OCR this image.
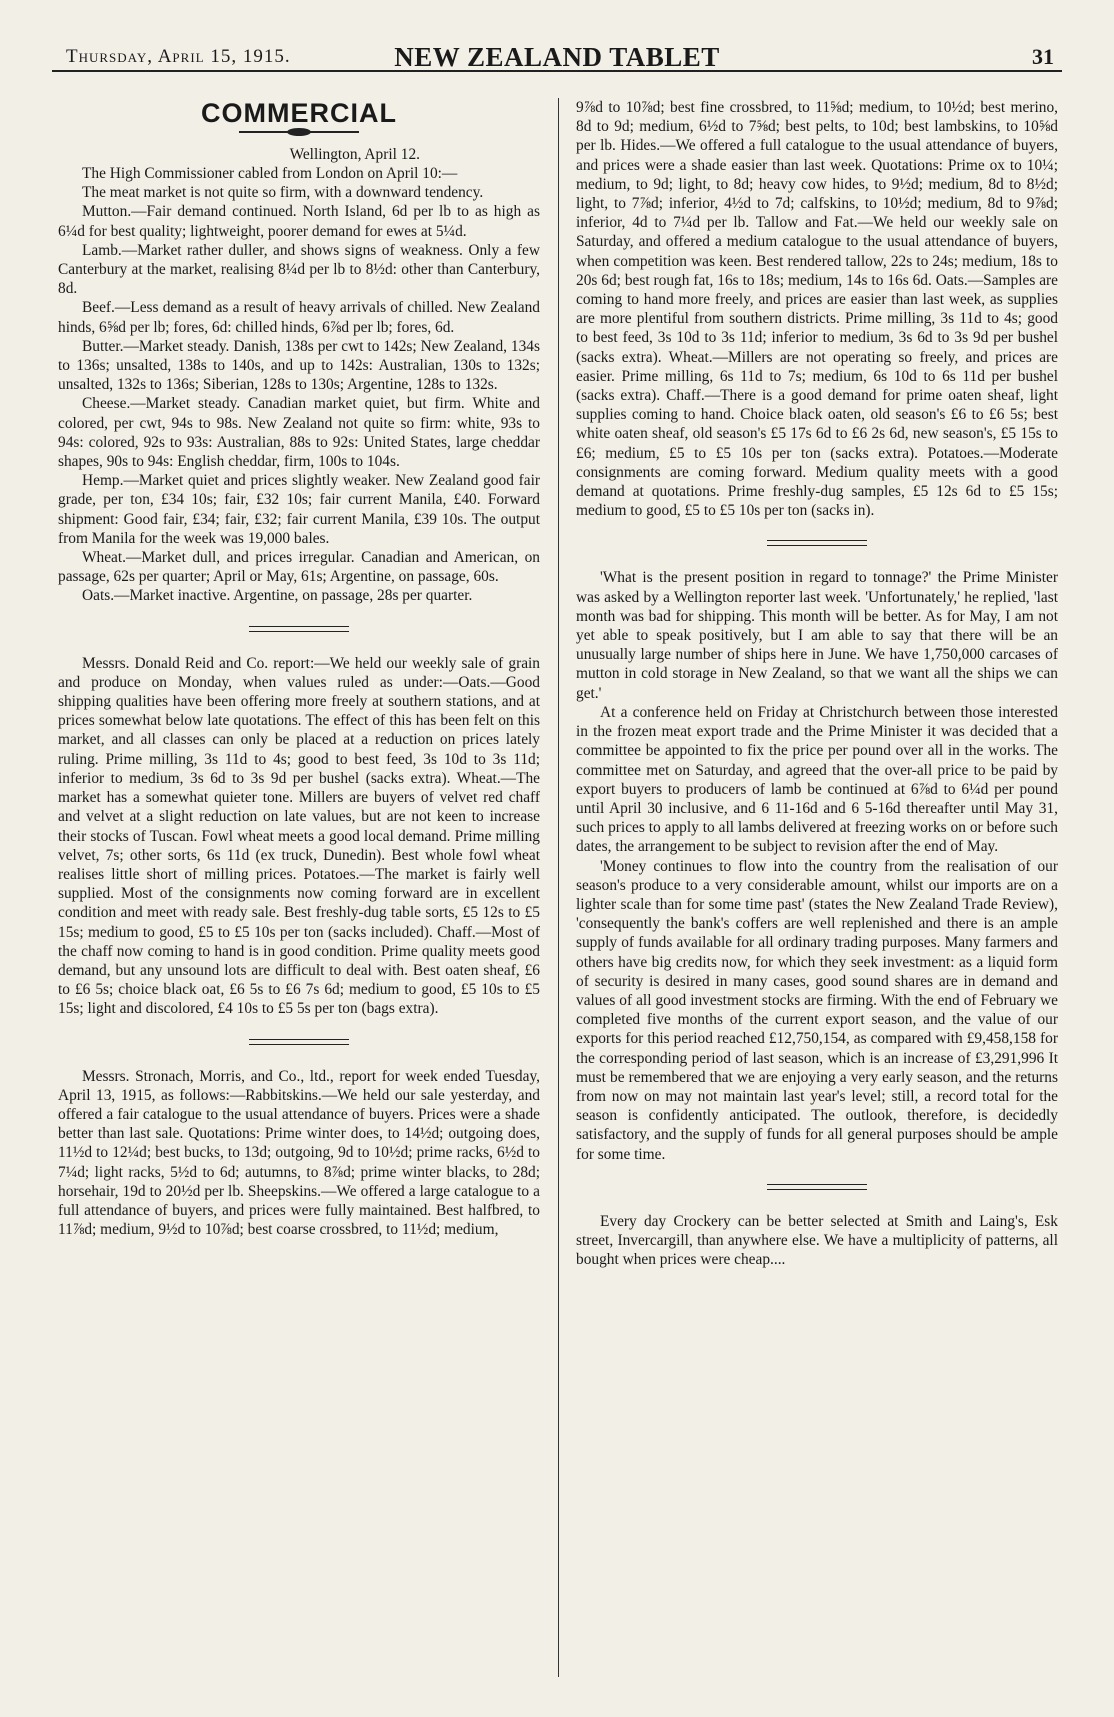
Thursday, April 15, 1915.	NEW ZEALAND TABLET	31
COMMERCIAL
Wellington, April 12.

The High Commissioner cabled from London on April 10:—

The meat market is not quite so firm, with a downward tendency.

Mutton.—Fair demand continued. North Island, 6d per lb to as high as 6¼d for best quality; lightweight, poorer demand for ewes at 5¼d.

Lamb.—Market rather duller, and shows signs of weakness. Only a few Canterbury at the market, realising 8¼d per lb to 8½d: other than Canterbury, 8d.

Beef.—Less demand as a result of heavy arrivals of chilled. New Zealand hinds, 6⅝d per lb; fores, 6d: chilled hinds, 6⅞d per lb; fores, 6d.

Butter.—Market steady. Danish, 138s per cwt to 142s; New Zealand, 134s to 136s; unsalted, 138s to 140s, and up to 142s: Australian, 130s to 132s; unsalted, 132s to 136s; Siberian, 128s to 130s; Argentine, 128s to 132s.

Cheese.—Market steady. Canadian market quiet, but firm. White and colored, per cwt, 94s to 98s. New Zealand not quite so firm: white, 93s to 94s: colored, 92s to 93s: Australian, 88s to 92s: United States, large cheddar shapes, 90s to 94s: English cheddar, firm, 100s to 104s.

Hemp.—Market quiet and prices slightly weaker. New Zealand good fair grade, per ton, £34 10s; fair, £32 10s; fair current Manila, £40. Forward shipment: Good fair, £34; fair, £32; fair current Manila, £39 10s. The output from Manila for the week was 19,000 bales.

Wheat.—Market dull, and prices irregular. Canadian and American, on passage, 62s per quarter; April or May, 61s; Argentine, on passage, 60s.

Oats.—Market inactive. Argentine, on passage, 28s per quarter.

Messrs. Donald Reid and Co. report:—We held our weekly sale of grain and produce on Monday, when values ruled as under:—Oats.—Good shipping qualities have been offering more freely at southern stations, and at prices somewhat below late quotations. The effect of this has been felt on this market, and all classes can only be placed at a reduction on prices lately ruling. Prime milling, 3s 11d to 4s; good to best feed, 3s 10d to 3s 11d; inferior to medium, 3s 6d to 3s 9d per bushel (sacks extra). Wheat.—The market has a somewhat quieter tone. Millers are buyers of velvet red chaff and velvet at a slight reduction on late values, but are not keen to increase their stocks of Tuscan. Fowl wheat meets a good local demand. Prime milling velvet, 7s; other sorts, 6s 11d (ex truck, Dunedin). Best whole fowl wheat realises little short of milling prices. Potatoes.—The market is fairly well supplied. Most of the consignments now coming forward are in excellent condition and meet with ready sale. Best freshly-dug table sorts, £5 12s to £5 15s; medium to good, £5 to £5 10s per ton (sacks included). Chaff.—Most of the chaff now coming to hand is in good condition. Prime quality meets good demand, but any unsound lots are difficult to deal with. Best oaten sheaf, £6 to £6 5s; choice black oat, £6 5s to £6 7s 6d; medium to good, £5 10s to £5 15s; light and discolored, £4 10s to £5 5s per ton (bags extra).

Messrs. Stronach, Morris, and Co., ltd., report for week ended Tuesday, April 13, 1915, as follows:—Rabbitskins.—We held our sale yesterday, and offered a fair catalogue to the usual attendance of buyers. Prices were a shade better than last sale. Quotations: Prime winter does, to 14½d; outgoing does, 11½d to 12¼d; best bucks, to 13d; outgoing, 9d to 10½d; prime racks, 6½d to 7¼d; light racks, 5½d to 6d; autumns, to 8⅞d; prime winter blacks, to 28d; horsehair, 19d to 20½d per lb. Sheepskins.—We offered a large catalogue to a full attendance of buyers, and prices were fully maintained. Best halfbred, to 11⅞d; medium, 9½d to 10⅞d; best coarse crossbred, to 11½d; medium,

9⅞d to 10⅞d; best fine crossbred, to 11⅝d; medium, to 10½d; best merino, 8d to 9d; medium, 6½d to 7⅝d; best pelts, to 10d; best lambskins, to 10⅝d per lb. Hides.—We offered a full catalogue to the usual attendance of buyers, and prices were a shade easier than last week. Quotations: Prime ox to 10¼; medium, to 9d; light, to 8d; heavy cow hides, to 9½d; medium, 8d to 8½d; light, to 7⅞d; inferior, 4½d to 7d; calfskins, to 10½d; medium, 8d to 9⅞d; inferior, 4d to 7¼d per lb. Tallow and Fat.—We held our weekly sale on Saturday, and offered a medium catalogue to the usual attendance of buyers, when competition was keen. Best rendered tallow, 22s to 24s; medium, 18s to 20s 6d; best rough fat, 16s to 18s; medium, 14s to 16s 6d. Oats.—Samples are coming to hand more freely, and prices are easier than last week, as supplies are more plentiful from southern districts. Prime milling, 3s 11d to 4s; good to best feed, 3s 10d to 3s 11d; inferior to medium, 3s 6d to 3s 9d per bushel (sacks extra). Wheat.—Millers are not operating so freely, and prices are easier. Prime milling, 6s 11d to 7s; medium, 6s 10d to 6s 11d per bushel (sacks extra). Chaff.—There is a good demand for prime oaten sheaf, light supplies coming to hand. Choice black oaten, old season's £6 to £6 5s; best white oaten sheaf, old season's £5 17s 6d to £6 2s 6d, new season's, £5 15s to £6; medium, £5 to £5 10s per ton (sacks extra). Potatoes.—Moderate consignments are coming forward. Medium quality meets with a good demand at quotations. Prime freshly-dug samples, £5 12s 6d to £5 15s; medium to good, £5 to £5 10s per ton (sacks in).

'What is the present position in regard to tonnage?' the Prime Minister was asked by a Wellington reporter last week. 'Unfortunately,' he replied, 'last month was bad for shipping. This month will be better. As for May, I am not yet able to speak positively, but I am able to say that there will be an unusually large number of ships here in June. We have 1,750,000 carcases of mutton in cold storage in New Zealand, so that we want all the ships we can get.'

At a conference held on Friday at Christchurch between those interested in the frozen meat export trade and the Prime Minister it was decided that a committee be appointed to fix the price per pound over all in the works. The committee met on Saturday, and agreed that the over-all price to be paid by export buyers to producers of lamb be continued at 6⅞d to 6¼d per pound until April 30 inclusive, and 6 11-16d and 6 5-16d thereafter until May 31, such prices to apply to all lambs delivered at freezing works on or before such dates, the arrangement to be subject to revision after the end of May.

'Money continues to flow into the country from the realisation of our season's produce to a very considerable amount, whilst our imports are on a lighter scale than for some time past' (states the New Zealand Trade Review), 'consequently the bank's coffers are well replenished and there is an ample supply of funds available for all ordinary trading purposes. Many farmers and others have big credits now, for which they seek investment: as a liquid form of security is desired in many cases, good sound shares are in demand and values of all good investment stocks are firming. With the end of February we completed five months of the current export season, and the value of our exports for this period reached £12,750,154, as compared with £9,458,158 for the corresponding period of last season, which is an increase of £3,291,996 It must be remembered that we are enjoying a very early season, and the returns from now on may not maintain last year's level; still, a record total for the season is confidently anticipated. The outlook, therefore, is decidedly satisfactory, and the supply of funds for all general purposes should be ample for some time.

Every day Crockery can be better selected at Smith and Laing's, Esk street, Invercargill, than anywhere else. We have a multiplicity of patterns, all bought when prices were cheap....
